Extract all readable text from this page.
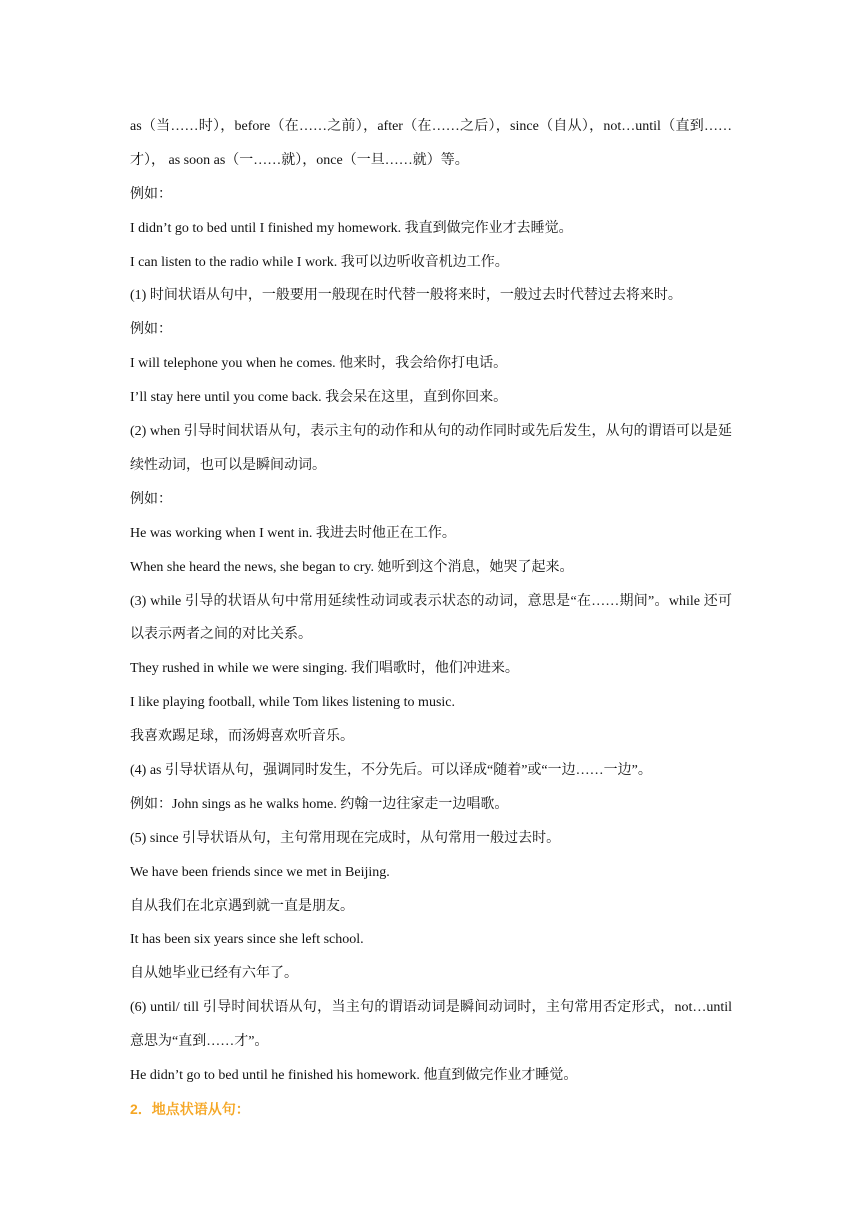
as（当……时），before（在……之前），after（在……之后），since（自从），not…until（直到……才）， as soon as（一……就），once（一旦……就）等。

例如：

I didn’t go to bed until I finished my homework. 我直到做完作业才去睡觉。

I can listen to the radio while I work. 我可以边听收音机边工作。

(1) 时间状语从句中，一般要用一般现在时代替一般将来时，一般过去时代替过去将来时。

例如：

I will telephone you when he comes. 他来时，我会给你打电话。

I’ll stay here until you come back. 我会呆在这里，直到你回来。

(2) when 引导时间状语从句，表示主句的动作和从句的动作同时或先后发生，从句的谓语可以是延续性动词，也可以是瞬间动词。

例如：

He was working when I went in. 我进去时他正在工作。

When she heard the news, she began to cry. 她听到这个消息，她哭了起来。

(3) while 引导的状语从句中常用延续性动词或表示状态的动词，意思是“在……期间”。while 还可以表示两者之间的对比关系。

They rushed in while we were singing. 我们唱歌时，他们冲进来。

I like playing football, while Tom likes listening to music.

我喜欢踢足球，而汤姆喜欢听音乐。

(4) as 引导状语从句，强调同时发生，不分先后。可以译成“随着”或“一边……一边”。

例如：John sings as he walks home. 约翰一边往家走一边唱歌。

(5) since 引导状语从句，主句常用现在完成时，从句常用一般过去时。

We have been friends since we met in Beijing.

自从我们在北京遇到就一直是朋友。

It has been six years since she left school.

自从她毕业已经有六年了。

(6) until/ till 引导时间状语从句，当主句的谓语动词是瞬间动词时，主句常用否定形式，not…until 意思为“直到……才”。

He didn’t go to bed until he finished his homework. 他直到做完作业才睡觉。

2．地点状语从句：
